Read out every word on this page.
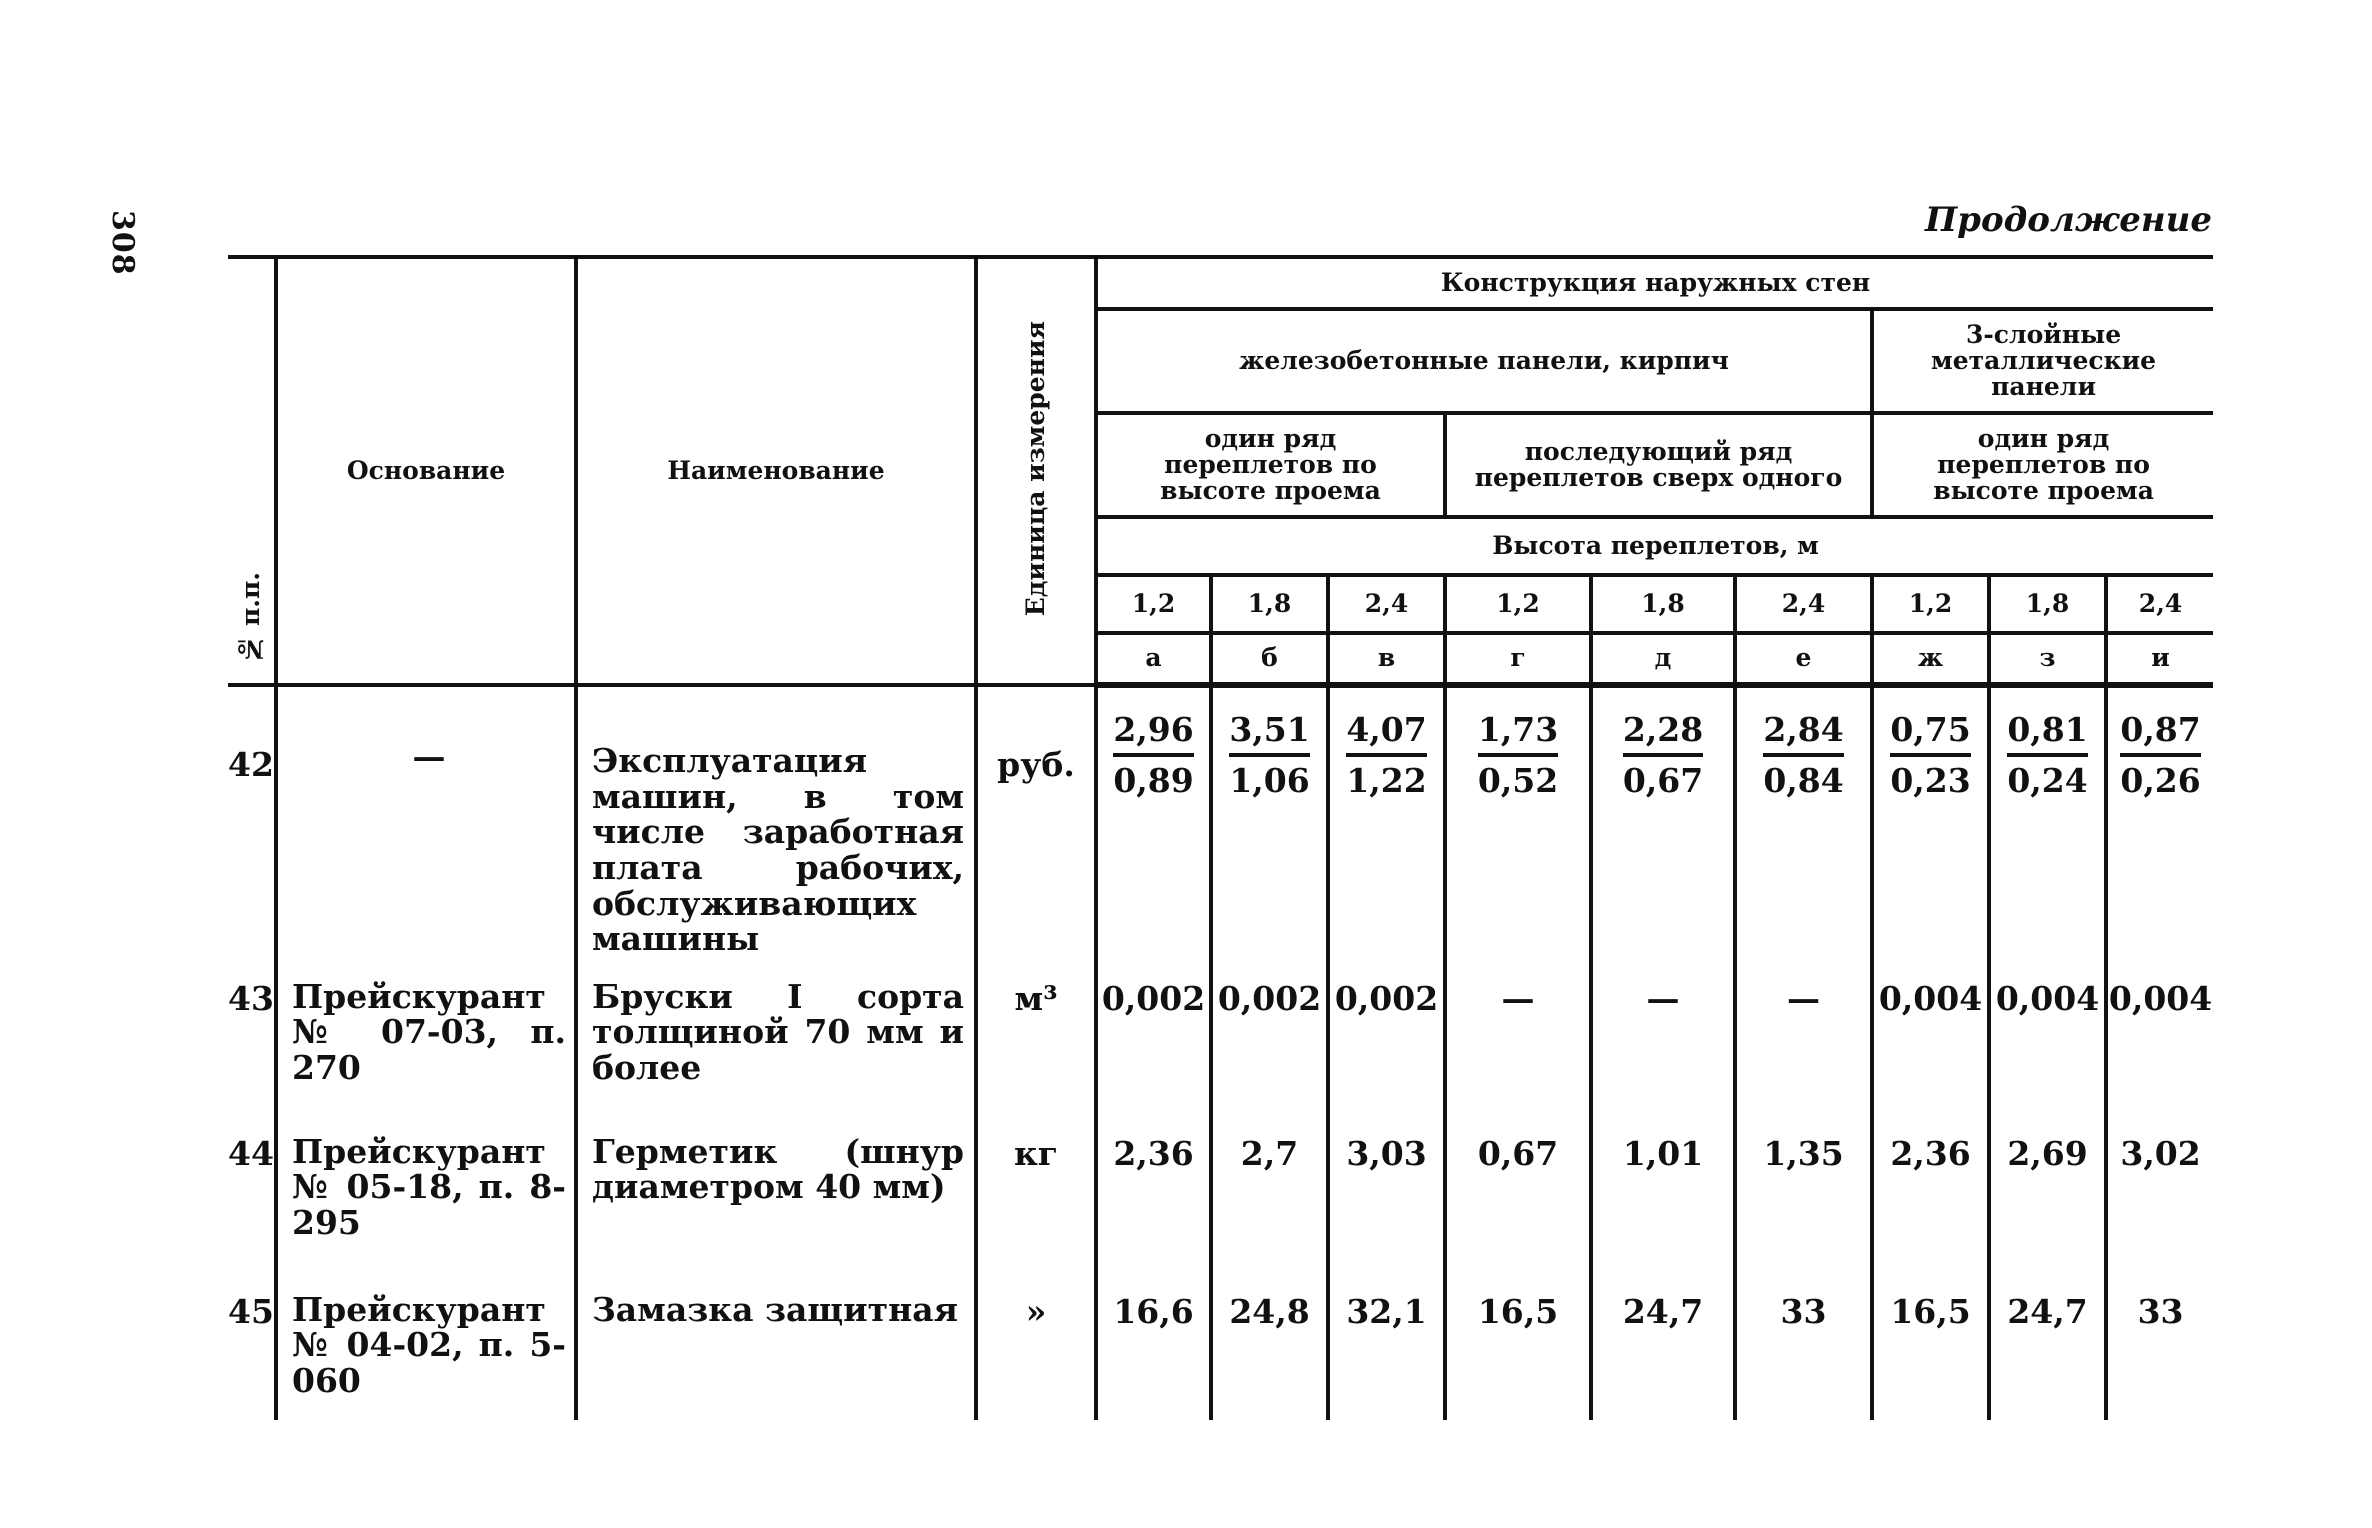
308	Продолжение
№ п.п.	Основание	Наименование	Единица измерения	Конструкция наружных стен								
				железобетонные панели, кирпич						3-слойные металлические панели		
				один ряд переплетов по высоте проема			последующий ряд переплетов сверх одного			один ряд переплетов по высоте проема		
				Высота переплетов, м								
				1,2	1,8	2,4	1,2	1,8	2,4	1,2	1,8	2,4
				а	б	в	г	д	е	ж	з	и
42	—	Эксплуатация машин, в том числе заработная плата рабочих, обслуживающих машины	руб.	$\frac{2,96}{0,89}$	$\frac{3,51}{1,06}$	$\frac{4,07}{1,22}$	$\frac{1,73}{0,52}$	$\frac{2,28}{0,67}$	$\frac{2,84}{0,84}$	$\frac{0,75}{0,23}$	$\frac{0,81}{0,24}$	$\frac{0,87}{0,26}$

43	Прейскурант № 07-03, п. 270	Бруски I сорта толщиной 70 мм и более	м³	0,002	0,002	0,002	—	—	—	0,004	0,004	0,004
44	Прейскурант № 05-18, п. 8-295	Герметик (шнур диаметром 40 мм)	кг	2,36	2,7	3,03	0,67	1,01	1,35	2,36	2,69	3,02
45	Прейскурант № 04-02, п. 5-060	Замазка защитная	»	16,6	24,8	32,1	16,5	24,7	33	16,5	24,7	33
